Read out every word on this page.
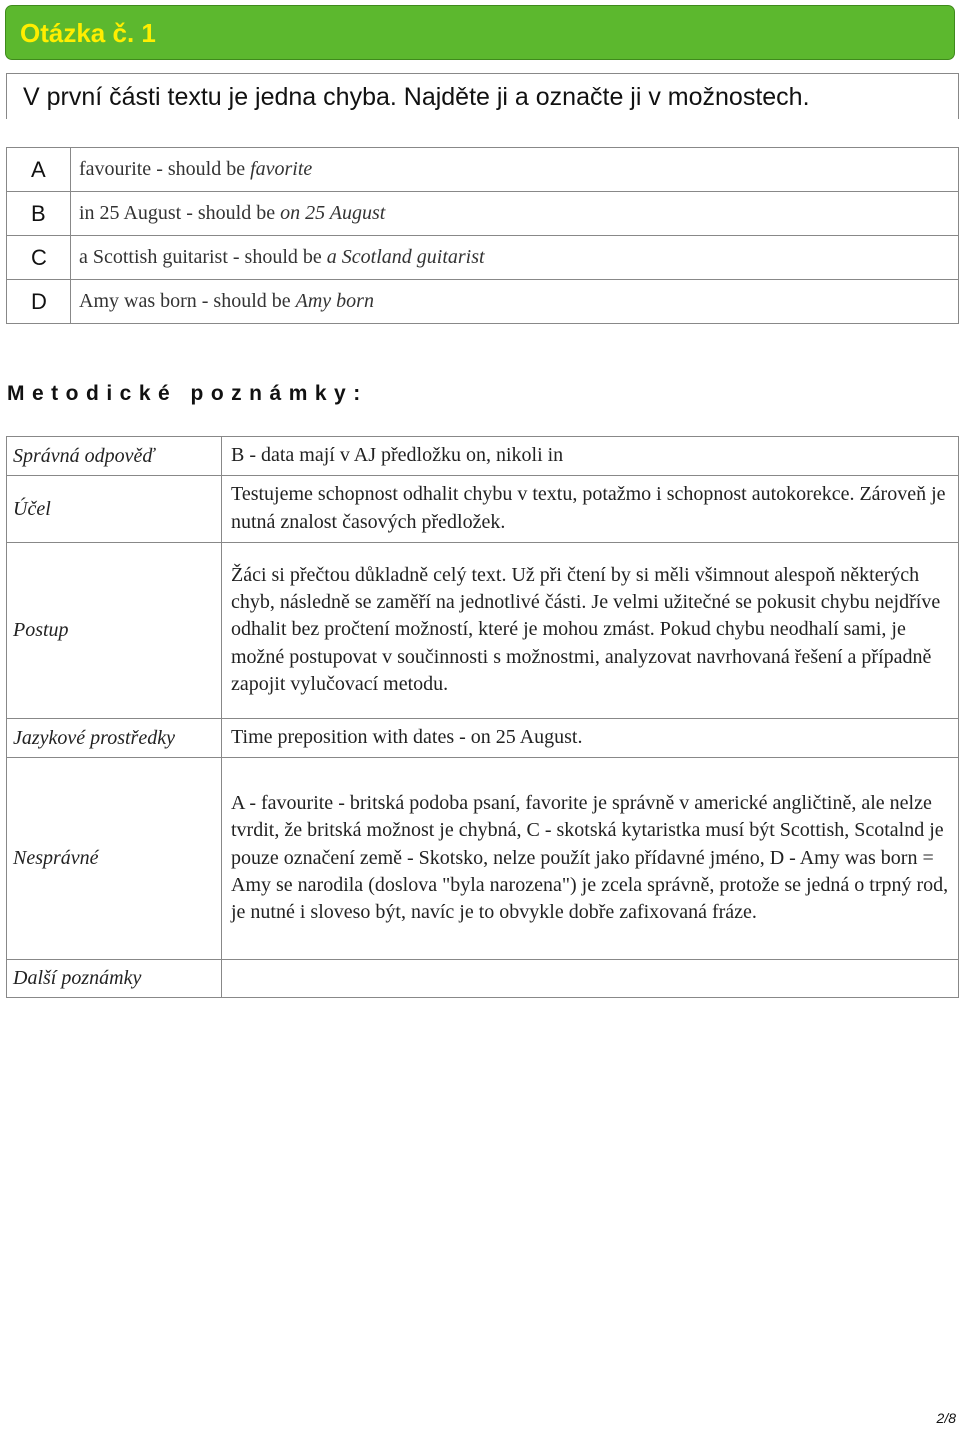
Otázka č. 1
V první části textu je jedna chyba. Najděte ji a označte ji v možnostech.
A	favourite - should be favorite
B	in 25 August - should be on 25 August
C	a Scottish guitarist - should be a Scotland guitarist
D	Amy was born - should be Amy born
Metodické poznámky:
Správná odpověď	B - data mají v AJ předložku on, nikoli in
Účel	Testujeme schopnost odhalit chybu v textu, potažmo i schopnost autokorekce. Zároveň je nutná znalost časových předložek.
Postup	Žáci si přečtou důkladně celý text. Už při čtení by si měli všimnout alespoň některých chyb, následně se zaměří na jednotlivé části. Je velmi užitečné se pokusit chybu nejdříve odhalit bez pročtení možností, které je mohou zmást. Pokud chybu neodhalí sami, je možné postupovat v součinnosti s možnostmi, analyzovat navrhovaná řešení a případně zapojit vylučovací metodu.
Jazykové prostředky	Time preposition with dates - on 25 August.
Nesprávné	A - favourite - britská podoba psaní, favorite je správně v americké angličtině, ale nelze tvrdit, že britská možnost je chybná, C - skotská kytaristka musí být Scottish, Scotalnd je pouze označení země - Skotsko, nelze použít jako přídavné jméno, D - Amy was born = Amy se narodila (doslova "byla narozena") je zcela správně, protože se jedná o trpný rod, je nutné i sloveso být, navíc je to obvykle dobře zafixovaná fráze.
Další poznámky	
2/8
